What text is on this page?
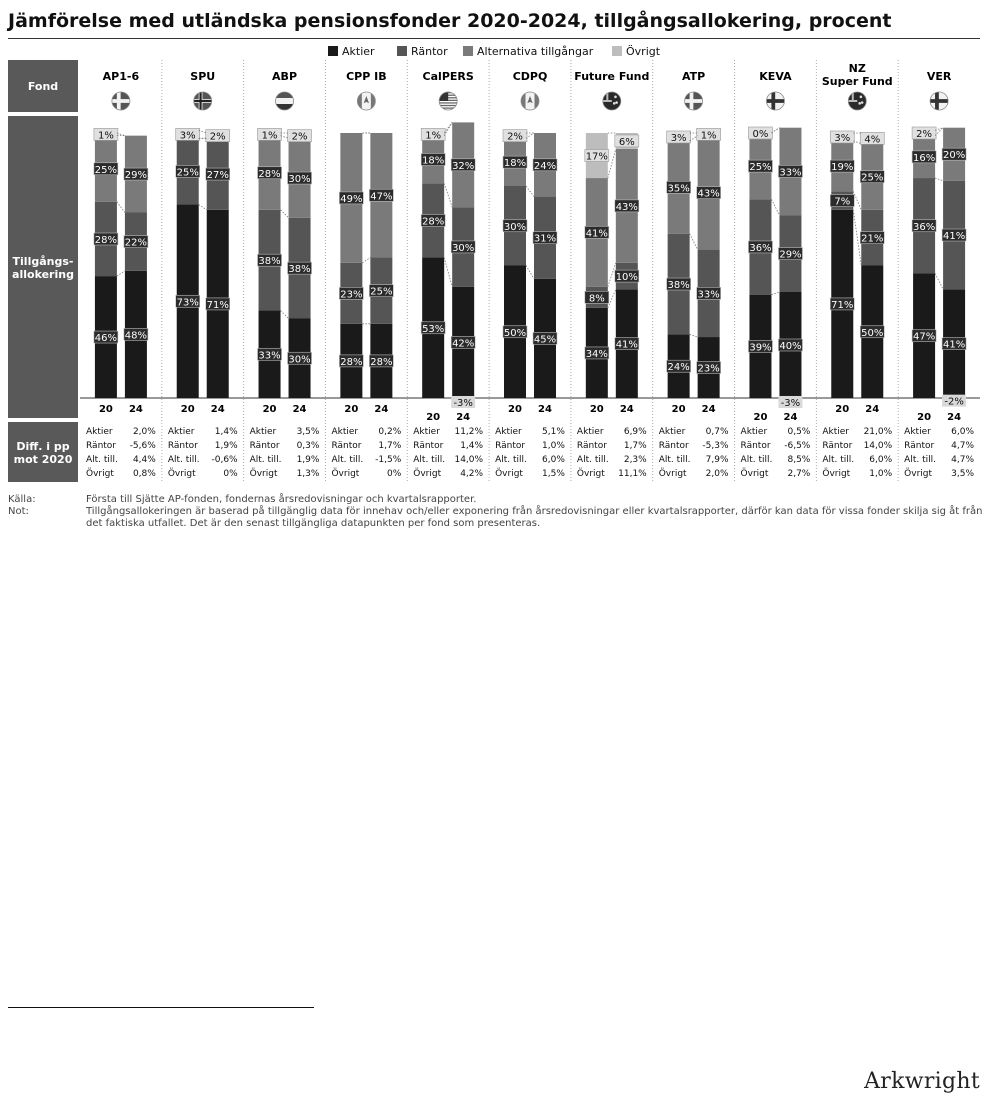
Jämförelse med utländska pensionsfonder 2020-2024, tillgångsallokering, procent
Aktier	Räntor	Alternativa tillgångar	Övrigt
Fond
Tillgångs-
allokering
Diff. i pp
mot 2020
AP1-6
46%
28%
25%
1%
20
48%
22%
29%
24
Aktier 2,0%
Räntor -5,6%
Alt. till. 4,4%
Övrigt 0,8%
SPU
73%
25%
3%
20
71%
27%
2%
24
Aktier 1,4%
Räntor 1,9%
Alt. till. -0,6%
Övrigt	0%
ABP
33%
38%
28%
1%
20
30%
38%
30%
2%
24
Aktier 3,5%
Räntor 0,3%
Alt. till. 1,9%
Övrigt 1,3%
CPP IB
28%
23%
49%
20
28%
25%
47%
24
Aktier 0,2%
Räntor 1,7%
Alt. till. -1,5%
Övrigt	0%
CalPERS
53%
28%
18%
1%
20
42%
30%
32%
-3%
24
Aktier 11,2%
Räntor 1,4%
Alt. till. 14,0%
Övrigt 4,2%
CDPQ
50%
30%
18%
2%
20
45%
31%
24%
24
Aktier 5,1%
Räntor 1,0%
Alt. till. 6,0%
Övrigt 1,5%
Future Fund
34%
8%
41%
17%
20
41%
10%
43%
6%
24
Aktier 6,9%
Räntor 1,7%
Alt. till. 2,3%
Övrigt 11,1%
ATP
24%
38%
35%
3%
20
23%
33%
43%
1%
24
Aktier 0,7%
Räntor -5,3%
Alt. till. 7,9%
Övrigt 2,0%
KEVA
39%
36%
25%
0%
20
40%
29%
33%
-3%
24
Aktier 0,5%
Räntor -6,5%
Alt. till. 8,5%
Övrigt 2,7%
NZ
Super Fund
71%
7%
19%
3%
20
50%
21%
25%
4%
24
Aktier 21,0%
Räntor 14,0%
Alt. till. 6,0%
Övrigt 1,0%
VER
47%
36%
16%
2%
20
41%
41%
20%
-2%
24
Aktier 6,0%
Räntor 4,7%
Alt. till. 4,7%
Övrigt 3,5%
Källa:	Första till Sjätte AP-fonden, fondernas årsredovisningar och kvartalsrapporter.
Not:	Tillgångsallokeringen är baserad på tillgänglig data för innehav och/eller exponering från årsredovisningar eller kvartalsrapporter, därför kan data för vissa fonder skilja sig åt från det faktiska utfallet. Det är den senast tillgängliga datapunkten per fond som presenteras.
Arkwright
